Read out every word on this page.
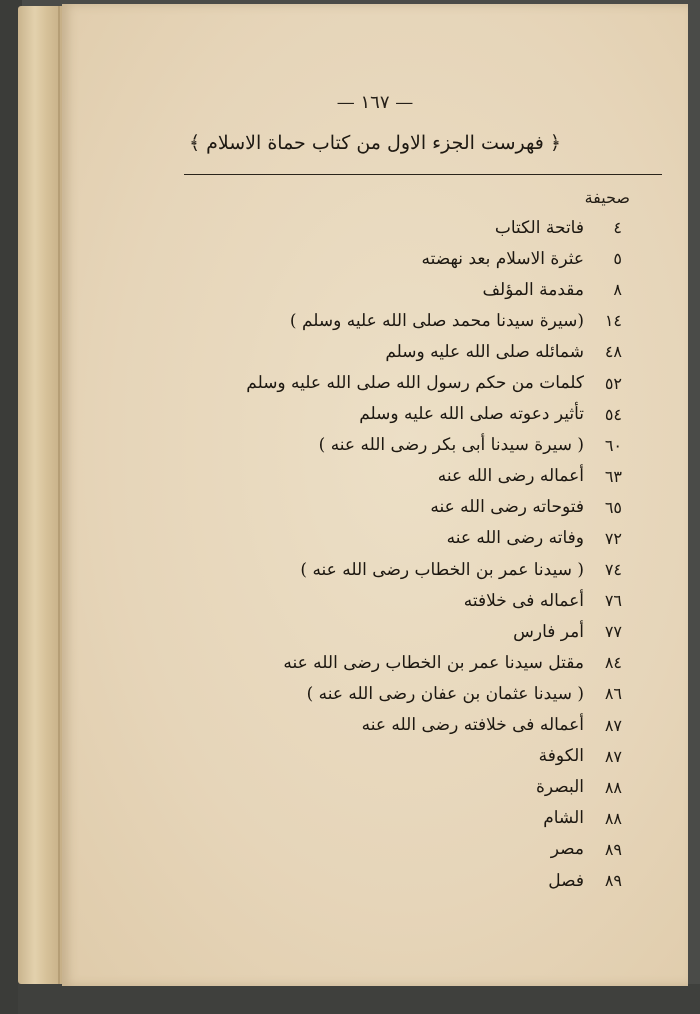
— ١٦٧ —
﴿ فهرست الجزء الاول من كتاب حماة الاسلام ﴾
صحيفة
٤
فاتحة الكتاب
٥
عثرة الاسلام بعد نهضته
٨
مقدمة المؤلف
١٤
(سيرة سيدنا محمد صلى الله عليه وسلم )
٤٨
شمائله صلى الله عليه وسلم
٥٢
كلمات من حكم رسول الله صلى الله عليه وسلم
٥٤
تأثير دعوته صلى الله عليه وسلم
٦٠
( سيرة سيدنا أبى بكر رضى الله عنه )
٦٣
أعماله رضى الله عنه
٦٥
فتوحاته رضى الله عنه
٧٢
وفاته رضى الله عنه
٧٤
( سيدنا عمر بن الخطاب رضى الله عنه )
٧٦
أعماله فى خلافته
٧٧
أمر فارس
٨٤
مقتل سيدنا عمر بن الخطاب رضى الله عنه
٨٦
( سيدنا عثمان بن عفان رضى الله عنه )
٨٧
أعماله فى خلافته رضى الله عنه
٨٧
الكوفة
٨٨
البصرة
٨٨
الشام
٨٩
مصر
٨٩
فصل
